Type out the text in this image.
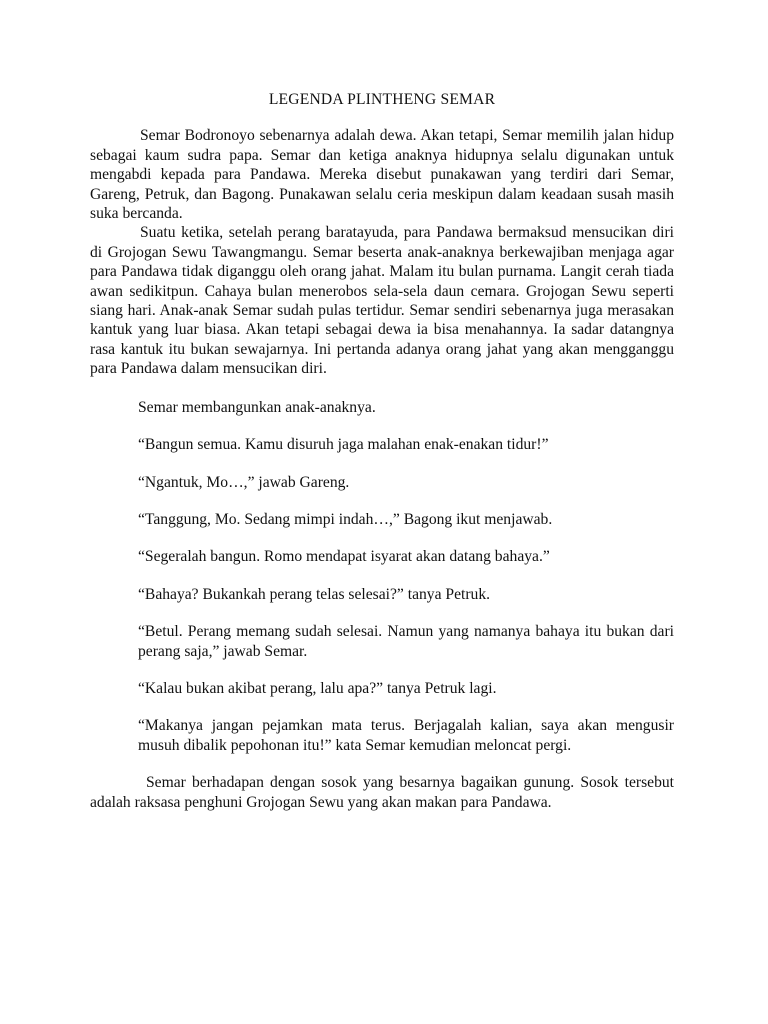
LEGENDA PLINTHENG SEMAR

Semar Bodronoyo sebenarnya adalah dewa. Akan tetapi, Semar memilih jalan hidup sebagai kaum sudra papa. Semar dan ketiga anaknya hidupnya selalu digunakan untuk mengabdi kepada para Pandawa. Mereka disebut punakawan yang terdiri dari Semar, Gareng, Petruk, dan Bagong. Punakawan selalu ceria meskipun dalam keadaan susah masih suka bercanda.

Suatu ketika, setelah perang baratayuda, para Pandawa bermaksud mensucikan diri di Grojogan Sewu Tawangmangu. Semar beserta anak-anaknya berkewajiban menjaga agar para Pandawa tidak diganggu oleh orang jahat. Malam itu bulan purnama. Langit cerah tiada awan sedikitpun. Cahaya bulan menerobos sela-sela daun cemara. Grojogan Sewu seperti siang hari. Anak-anak Semar sudah pulas tertidur. Semar sendiri sebenarnya juga merasakan kantuk yang luar biasa. Akan tetapi sebagai dewa ia bisa menahannya. Ia sadar datangnya rasa kantuk itu bukan sewajarnya. Ini pertanda adanya orang jahat yang akan mengganggu para Pandawa dalam mensucikan diri.

Semar membangunkan anak-anaknya.

“Bangun semua. Kamu disuruh jaga malahan enak-enakan tidur!”

“Ngantuk, Mo…,” jawab Gareng.

“Tanggung, Mo. Sedang mimpi indah…,” Bagong ikut menjawab.

“Segeralah bangun. Romo mendapat isyarat akan datang bahaya.”

“Bahaya? Bukankah perang telas selesai?” tanya Petruk.

“Betul. Perang memang sudah selesai. Namun yang namanya bahaya itu bukan dari perang saja,” jawab Semar.

“Kalau bukan akibat perang, lalu apa?” tanya Petruk lagi.

“Makanya jangan pejamkan mata terus. Berjagalah kalian, saya akan mengusir musuh dibalik pepohonan itu!” kata Semar kemudian meloncat pergi.

Semar berhadapan dengan sosok yang besarnya bagaikan gunung. Sosok tersebut adalah raksasa penghuni Grojogan Sewu yang akan makan para Pandawa.
